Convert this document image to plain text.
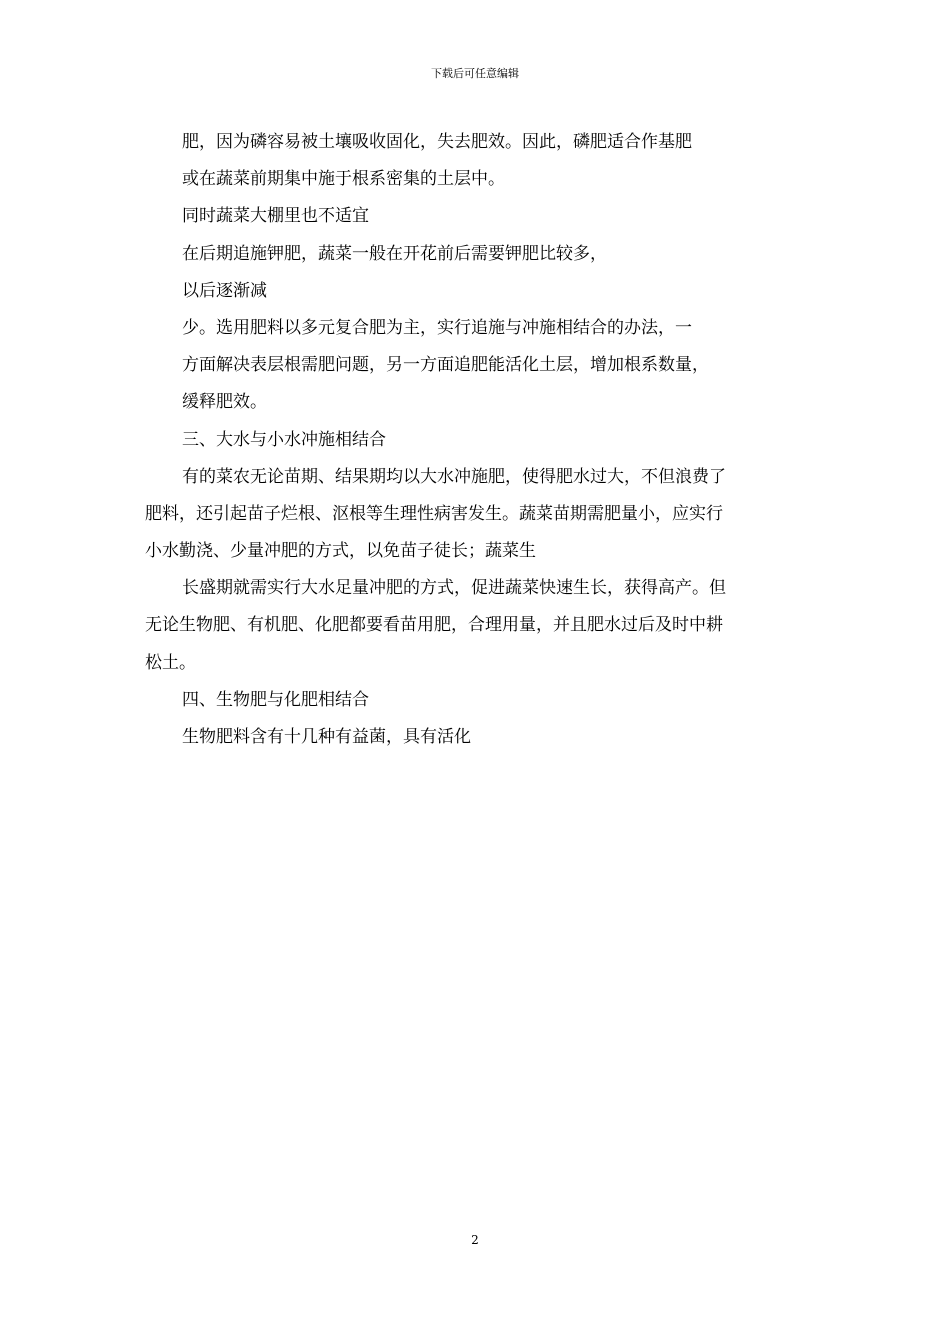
下载后可任意编辑

肥，因为磷容易被土壤吸收固化，失去肥效。因此，磷肥适合作基肥

或在蔬菜前期集中施于根系密集的土层中。

同时蔬菜大棚里也不适宜

在后期追施钾肥，蔬菜一般在开花前后需要钾肥比较多，

以后逐渐减

少。选用肥料以多元复合肥为主，实行追施与冲施相结合的办法，一

方面解决表层根需肥问题，另一方面追肥能活化土层，增加根系数量，

缓释肥效。

三、大水与小水冲施相结合

有的菜农无论苗期、结果期均以大水冲施肥，使得肥水过大，不但浪费了

肥料，还引起苗子烂根、沤根等生理性病害发生。蔬菜苗期需肥量小，应实行

小水勤浇、少量冲肥的方式，以免苗子徒长；蔬菜生

长盛期就需实行大水足量冲肥的方式，促进蔬菜快速生长，获得高产。但

无论生物肥、有机肥、化肥都要看苗用肥，合理用量，并且肥水过后及时中耕

松土。

四、生物肥与化肥相结合

生物肥料含有十几种有益菌，具有活化

2
